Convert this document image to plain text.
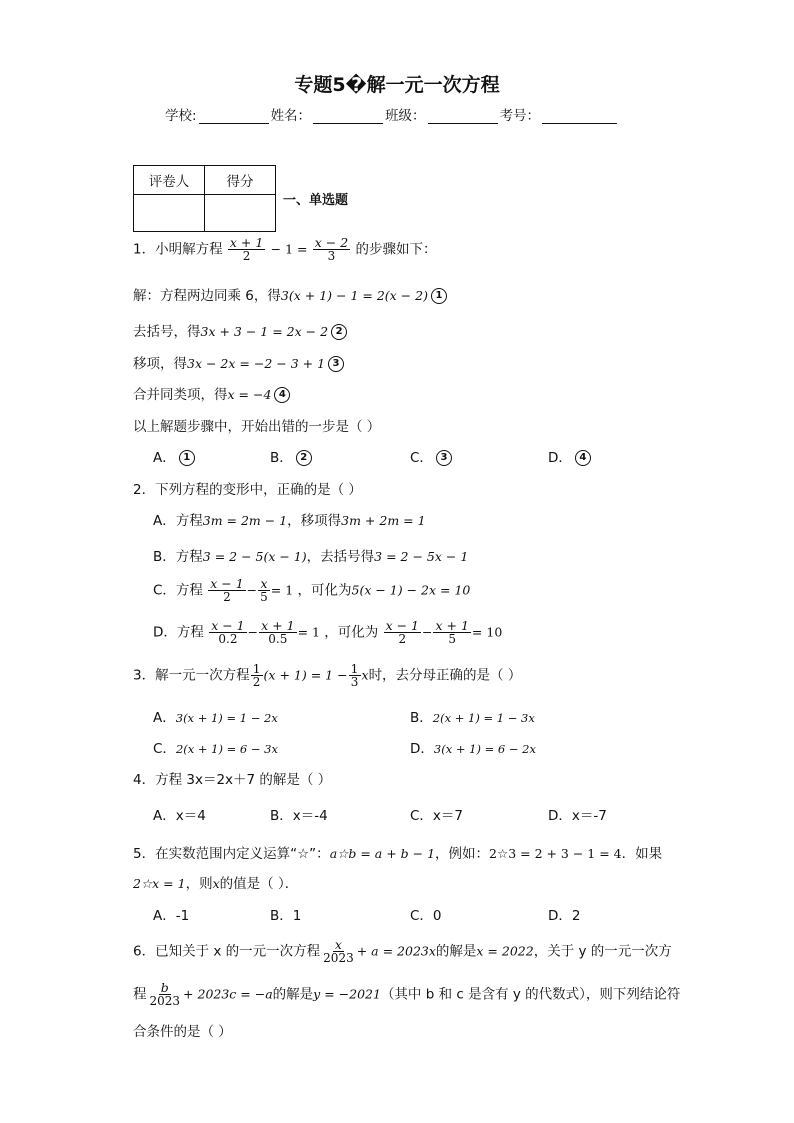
专题5�解一元一次方程
学校:	姓名：	班级：	考号：
评卷人	得分

一、单选题
1．小明解方程 $\frac{x + 1}{2} - 1 = \frac{x - 2}{3}$ 的步骤如下：
解：方程两边同乘 6，得3(x + 1) − 1 = 2(x − 2) 1
去括号，得3x + 3 − 1 = 2x − 2 2
移项，得3x − 2x = −2 − 3 + 1 3
合并同类项，得x = −4 4
以上解题步骤中，开始出错的一步是（ ）
A． 1	B． 2	C． 3	D． 4
2．下列方程的变形中，正确的是（ ）
A．方程3m = 2m − 1，移项得3m + 2m = 1
B．方程3 = 2 − 5(x − 1)，去括号得3 = 2 − 5x − 1
C．方程 $\frac{x - 1}{2} - \frac{x}{5} = 1$ ，可化为5(x − 1) − 2x = 10
D．方程 $\frac{x - 1}{0.2} - \frac{x + 1}{0.5} = 1$ ，可化为 $\frac{x - 1}{2} - \frac{x + 1}{5} = 10$
3．解一元一次方程 $\frac{1}{2} (x + 1) = 1 - \frac{1}{3}$ x时，去分母正确的是（ ）
A．3(x + 1) = 1 − 2x	B．2(x + 1) = 1 − 3x
C．2(x + 1) = 6 − 3x	D．3(x + 1) = 6 − 2x
4．方程 3x＝2x＋7 的解是（ ）
A．x＝4	B．x＝-4	C．x＝7	D．x＝-7
5．在实数范围内定义运算“☆”：a☆b = a + b − 1，例如：2☆3 = 2 + 3 − 1 = 4．如果
2☆x = 1，则x的值是（ ）．
A．-1	B．1	C．0	D．2
6．已知关于 x 的一元一次方程 $\frac{x}{2023} + a = 2023x$的解是x = 2022，关于 y 的一元一次方
程 $\frac{b}{2023} + 2023c = -a$的解是y = −2021（其中 b 和 c 是含有 y 的代数式），则下列结论符
合条件的是（ ）
